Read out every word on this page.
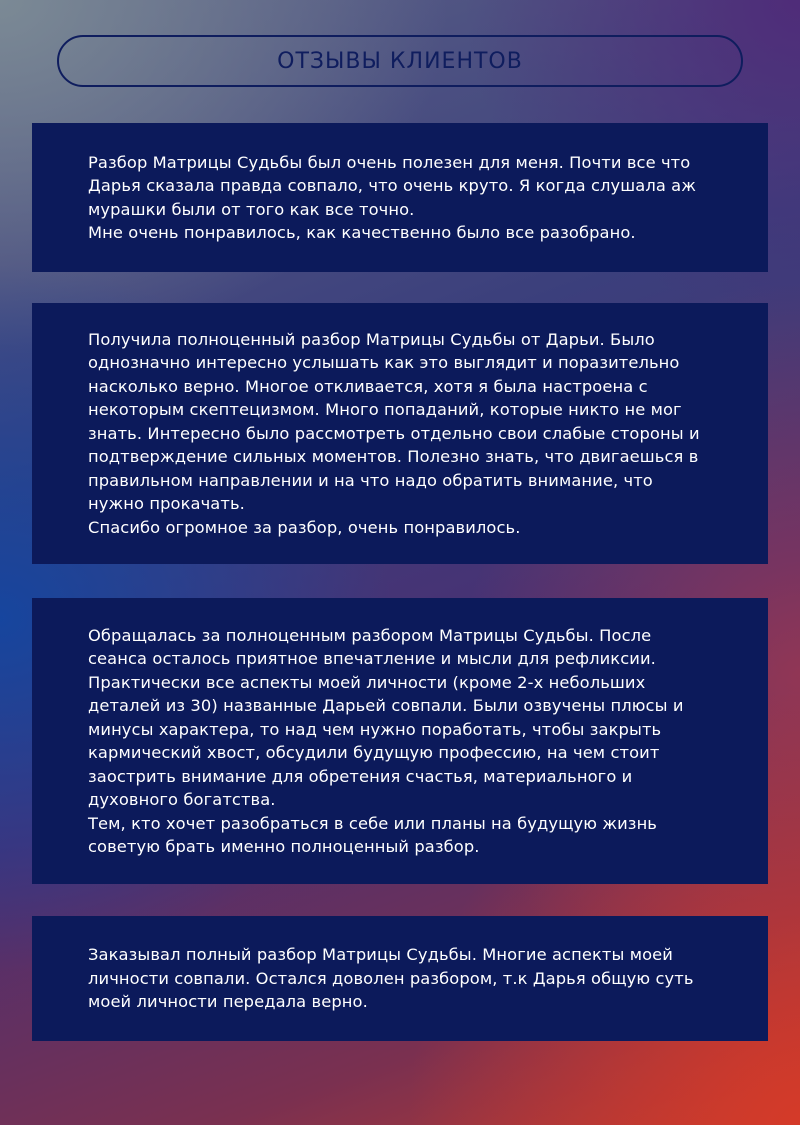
ОТЗЫВЫ КЛИЕНТОВ

Разбор Матрицы Судьбы был очень полезен для меня. Почти все что

Дарья сказала правда совпало, что очень круто. Я когда слушала аж

мурашки были от того как все точно.

Мне очень понравилось, как качественно было все разобрано.

Получила полноценный разбор Матрицы Судьбы от Дарьи. Было

однозначно интересно услышать как это выглядит и поразительно

насколько верно. Многое откливается, хотя я была настроена с

некоторым скептецизмом. Много попаданий, которые никто не мог

знать. Интересно было рассмотреть отдельно свои слабые стороны и

подтверждение сильных моментов. Полезно знать, что двигаешься в

правильном направлении и на что надо обратить внимание, что

нужно прокачать.

Спасибо огромное за разбор, очень понравилось.

Обращалась за полноценным разбором Матрицы Судьбы. После

сеанса осталось приятное впечатление и мысли для рефликсии.

Практически все аспекты моей личности (кроме 2-х небольших

деталей из 30) названные Дарьей совпали. Были озвучены плюсы и

минусы характера, то над чем нужно поработать, чтобы закрыть

кармический хвост, обсудили будущую профессию, на чем стоит

заострить внимание для обретения счастья, материального и

духовного богатства.

Тем, кто хочет разобраться в себе или планы на будущую жизнь

советую брать именно полноценный разбор.

Заказывал полный разбор Матрицы Судьбы. Многие аспекты моей

личности совпали. Остался доволен разбором, т.к Дарья общую суть

моей личности передала верно.
